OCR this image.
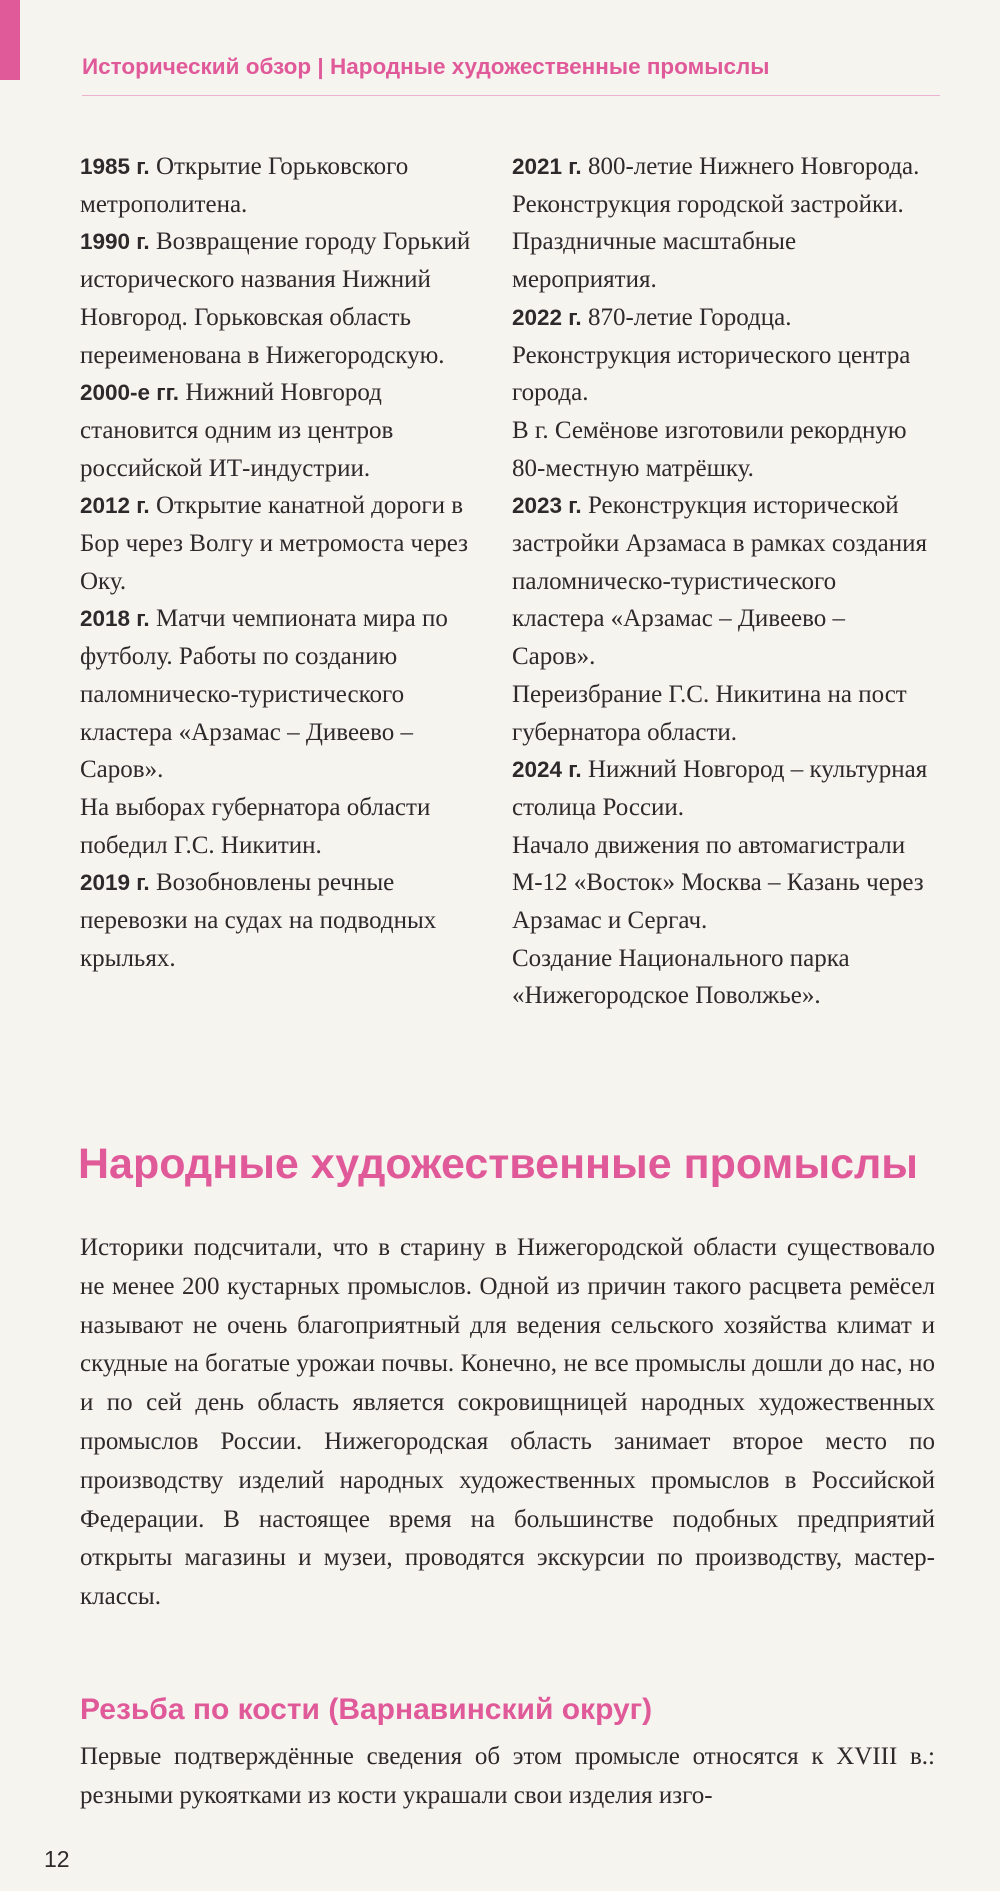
Исторический обзор | Народные художественные промыслы

1985 г. Открытие Горьковского метрополитена.

1990 г. Возвращение городу Горький исторического названия Нижний Новгород. Горьковская область переименована в Нижегородскую.

2000-е гг. Нижний Новгород становится одним из центров российской ИТ-индустрии.

2012 г. Открытие канатной дороги в Бор через Волгу и метромоста через Оку.

2018 г. Матчи чемпионата мира по футболу. Работы по созданию паломническо-туристического кластера «Арзамас – Дивеево – Саров».

На выборах губернатора области победил Г.С. Никитин.

2019 г. Возобновлены речные перевозки на судах на подводных крыльях.

2021 г. 800-летие Нижнего Новгорода. Реконструкция городской застройки. Праздничные масштабные мероприятия.

2022 г. 870-летие Городца. Реконструкция исторического центра города.

В г. Семёнове изготовили рекордную 80-местную матрёшку.

2023 г. Реконструкция исторической застройки Арзамаса в рамках создания паломническо-туристического кластера «Арзамас – Дивеево – Саров».

Переизбрание Г.С. Никитина на пост губернатора области.

2024 г. Нижний Новгород – культурная столица России.

Начало движения по автомагистрали М-12 «Восток» Москва – Казань через Арзамас и Сергач.

Создание Национального парка «Нижегородское Поволжье».

Народные художественные промыслы

Историки подсчитали, что в старину в Нижегородской области существовало не менее 200 кустарных промыслов. Одной из причин такого расцвета ремёсел называют не очень благоприятный для ведения сельского хозяйства климат и скудные на богатые урожаи почвы. Конечно, не все промыслы дошли до нас, но и по сей день область является сокровищницей народных художественных промыслов России. Нижегородская область занимает второе место по производству изделий народных художественных промыслов в Российской Федерации. В настоящее время на большинстве подобных предприятий открыты магазины и музеи, проводятся экскурсии по производству, мастер-классы.

Резьба по кости (Варнавинский округ)

Первые подтверждённые сведения об этом промысле относятся к XVIII в.: резными рукоятками из кости украшали свои изделия изго-

12
